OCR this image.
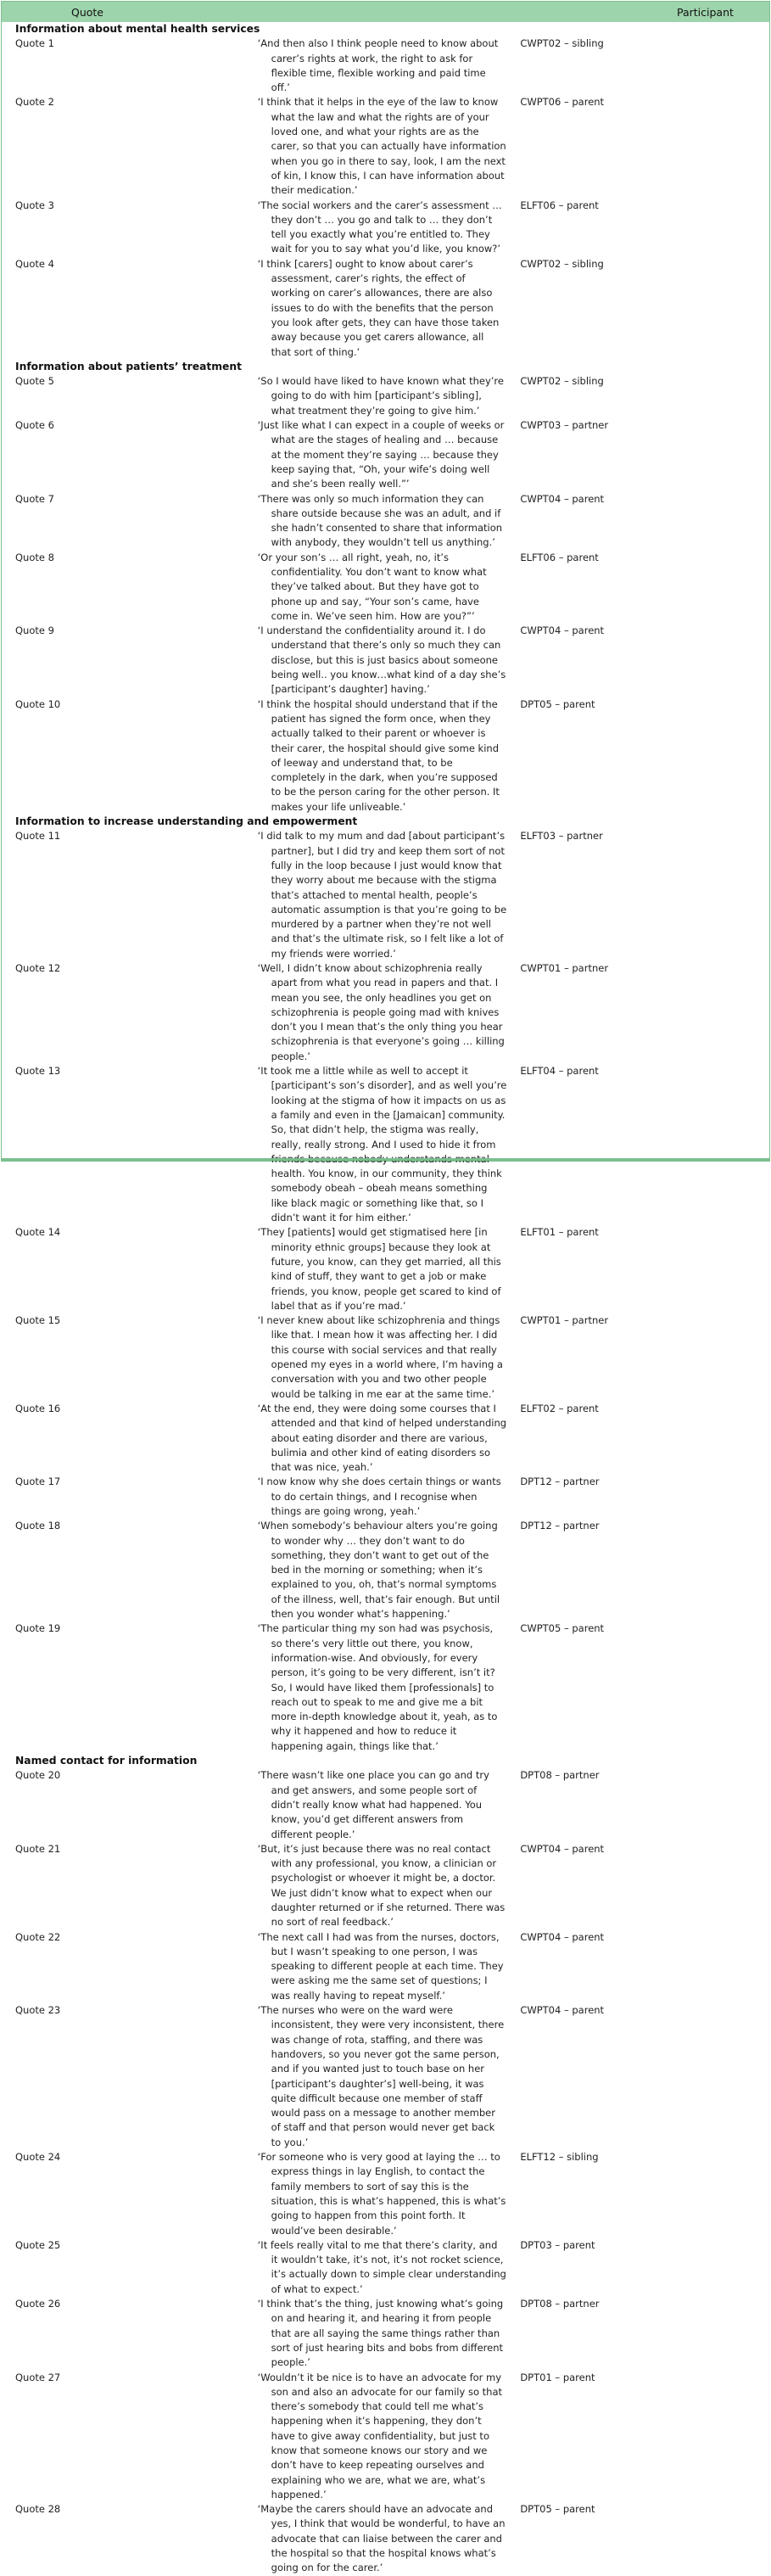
Quote	Participant
Information about mental health services		
Quote 1	‘And then also I think people need to know about carer’s rights at work, the right to ask for flexible time, flexible working and paid time off.’	CWPT02 – sibling
Quote 2	‘I think that it helps in the eye of the law to know what the law and what the rights are of your loved one, and what your rights are as the carer, so that you can actually have information when you go in there to say, look, I am the next of kin, I know this, I can have information about their medication.’	CWPT06 – parent
Quote 3	‘The social workers and the carer’s assessment … they don’t … you go and talk to … they don’t tell you exactly what you’re entitled to. They wait for you to say what you’d like, you know?’	ELFT06 – parent
Quote 4	‘I think [carers] ought to know about carer’s assessment, carer’s rights, the effect of working on carer’s allowances, there are also issues to do with the benefits that the person you look after gets, they can have those taken away because you get carers allowance, all that sort of thing.’	CWPT02 – sibling
Information about patients’ treatment		
Quote 5	‘So I would have liked to have known what they’re going to do with him [participant’s sibling], what treatment they’re going to give him.’	CWPT02 – sibling
Quote 6	‘Just like what I can expect in a couple of weeks or what are the stages of healing and … because at the moment they’re saying … because they keep saying that, “Oh, your wife’s doing well and she’s been really well.”’	CWPT03 – partner
Quote 7	‘There was only so much information they can share outside because she was an adult, and if she hadn’t consented to share that information with anybody, they wouldn’t tell us anything.’	CWPT04 – parent
Quote 8	‘Or your son’s … all right, yeah, no, it’s confidentiality. You don’t want to know what they’ve talked about. But they have got to phone up and say, “Your son’s came, have come in. We’ve seen him. How are you?”’	ELFT06 – parent
Quote 9	‘I understand the confidentiality around it. I do understand that there’s only so much they can disclose, but this is just basics about someone being well.. you know…what kind of a day she’s [participant’s daughter] having.’	CWPT04 – parent
Quote 10	‘I think the hospital should understand that if the patient has signed the form once, when they actually talked to their parent or whoever is their carer, the hospital should give some kind of leeway and understand that, to be completely in the dark, when you’re supposed to be the person caring for the other person. It makes your life unliveable.’	DPT05 – parent
Information to increase understanding and empowerment		
Quote 11	‘I did talk to my mum and dad [about participant’s partner], but I did try and keep them sort of not fully in the loop because I just would know that they worry about me because with the stigma that’s attached to mental health, people’s automatic assumption is that you’re going to be murdered by a partner when they’re not well and that’s the ultimate risk, so I felt like a lot of my friends were worried.’	ELFT03 – partner
Quote 12	‘Well, I didn’t know about schizophrenia really apart from what you read in papers and that. I mean you see, the only headlines you get on schizophrenia is people going mad with knives don’t you I mean that’s the only thing you hear schizophrenia is that everyone’s going … killing people.’	CWPT01 – partner
Quote 13	‘It took me a little while as well to accept it [participant’s son’s disorder], and as well you’re looking at the stigma of how it impacts on us as a family and even in the [Jamaican] community. So, that didn’t help, the stigma was really, really, really strong. And I used to hide it from health. You know, in our community, they think somebody obeah – obeah means something like black magic or something like that, so I didn’t want it for him either.’	ELFT04 – parent
Quote 14	‘They [patients] would get stigmatised here [in minority ethnic groups] because they look at future, you know, can they get married, all this kind of stuff, they want to get a job or make friends, you know, people get scared to kind of label that as if you’re mad.’	ELFT01 – parent
Quote 15	‘I never knew about like schizophrenia and things like that. I mean how it was affecting her. I did this course with social services and that really opened my eyes in a world where, I’m having a conversation with you and two other people would be talking in me ear at the same time.’	CWPT01 – partner
Quote 16	‘At the end, they were doing some courses that I attended and that kind of helped understanding about eating disorder and there are various, bulimia and other kind of eating disorders so that was nice, yeah.’	ELFT02 – parent
Quote 17	‘I now know why she does certain things or wants to do certain things, and I recognise when things are going wrong, yeah.’	DPT12 – partner
Quote 18	‘When somebody’s behaviour alters you’re going to wonder why … they don’t want to do something, they don’t want to get out of the bed in the morning or something; when it’s explained to you, oh, that’s normal symptoms of the illness, well, that’s fair enough. But until then you wonder what’s happening.’	DPT12 – partner
Quote 19	‘The particular thing my son had was psychosis, so there’s very little out there, you know, information-wise. And obviously, for every person, it’s going to be very different, isn’t it? So, I would have liked them [professionals] to reach out to speak to me and give me a bit more in-depth knowledge about it, yeah, as to why it happened and how to reduce it happening again, things like that.’	CWPT05 – parent
Named contact for information		
Quote 20	‘There wasn’t like one place you can go and try and get answers, and some people sort of didn’t really know what had happened. You know, you’d get different answers from different people.’	DPT08 – partner
Quote 21	‘But, it’s just because there was no real contact with any professional, you know, a clinician or psychologist or whoever it might be, a doctor. We just didn’t know what to expect when our daughter returned or if she returned. There was no sort of real feedback.’	CWPT04 – parent
Quote 22	‘The next call I had was from the nurses, doctors, but I wasn’t speaking to one person, I was speaking to different people at each time. They were asking me the same set of questions; I was really having to repeat myself.’	CWPT04 – parent
Quote 23	‘The nurses who were on the ward were inconsistent, they were very inconsistent, there was change of rota, staffing, and there was handovers, so you never got the same person, and if you wanted just to touch base on her [participant’s daughter’s] well-being, it was quite difficult because one member of staff would pass on a message to another member of staff and that person would never get back to you.’	CWPT04 – parent
Quote 24	‘For someone who is very good at laying the … to express things in lay English, to contact the family members to sort of say this is the situation, this is what’s happened, this is what’s going to happen from this point forth. It would’ve been desirable.’	ELFT12 – sibling
Quote 25	‘It feels really vital to me that there’s clarity, and it wouldn’t take, it’s not, it’s not rocket science, it’s actually down to simple clear understanding of what to expect.’	DPT03 – parent
Quote 26	‘I think that’s the thing, just knowing what’s going on and hearing it, and hearing it from people that are all saying the same things rather than sort of just hearing bits and bobs from different people.’	DPT08 – partner
Quote 27	‘Wouldn’t it be nice is to have an advocate for my son and also an advocate for our family so that there’s somebody that could tell me what’s happening when it’s happening, they don’t have to give away confidentiality, but just to know that someone knows our story and we don’t have to keep repeating ourselves and explaining who we are, what we are, what’s happened.’	DPT01 – parent
Quote 28	‘Maybe the carers should have an advocate and yes, I think that would be wonderful, to have an advocate that can liaise between the carer and the hospital so that the hospital knows what’s going on for the carer.’	DPT05 – parent
